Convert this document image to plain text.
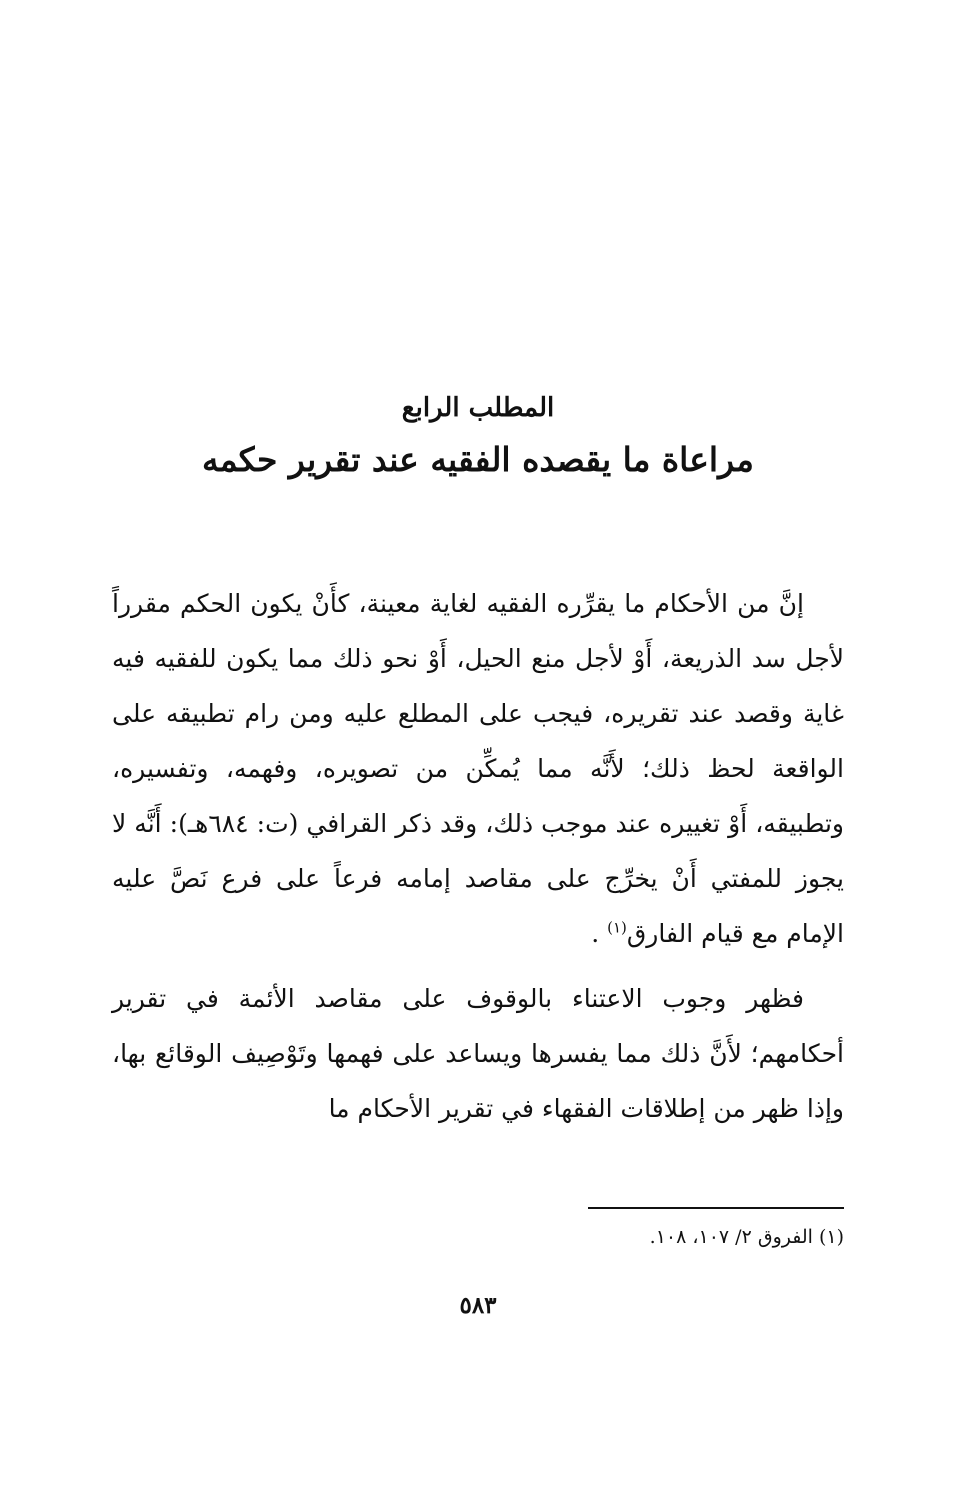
المطلب الرابع

مراعاة ما يقصده الفقيه عند تقرير حكمه

إنَّ من الأحكام ما يقرِّره الفقيه لغاية معينة، كأَنْ يكون الحكم مقرراً لأجل سد الذريعة، أَوْ لأجل منع الحيل، أَوْ نحو ذلك مما يكون للفقيه فيه غاية وقصد عند تقريره، فيجب على المطلع عليه ومن رام تطبيقه على الواقعة لحظ ذلك؛ لأَنَّه مما يُمكِّن من تصويره، وفهمه، وتفسيره، وتطبيقه، أَوْ تغييره عند موجب ذلك، وقد ذكر القرافي (ت: ٦٨٤هـ): أَنَّه لا يجوز للمفتي أَنْ يخرِّج على مقاصد إمامه فرعاً على فرع نَصَّ عليه الإمام مع قيام الفارق$^{(١)}$ .

فظهر وجوب الاعتناء بالوقوف على مقاصد الأئمة في تقرير أحكامهم؛ لأَنَّ ذلك مما يفسرها ويساعد على فهمها وتَوْصِيف الوقائع بها، وإذا ظهر من إطلاقات الفقهاء في تقرير الأحكام ما

(١) الفروق ٢/ ١٠٧، ١٠٨.
٥٨٣
